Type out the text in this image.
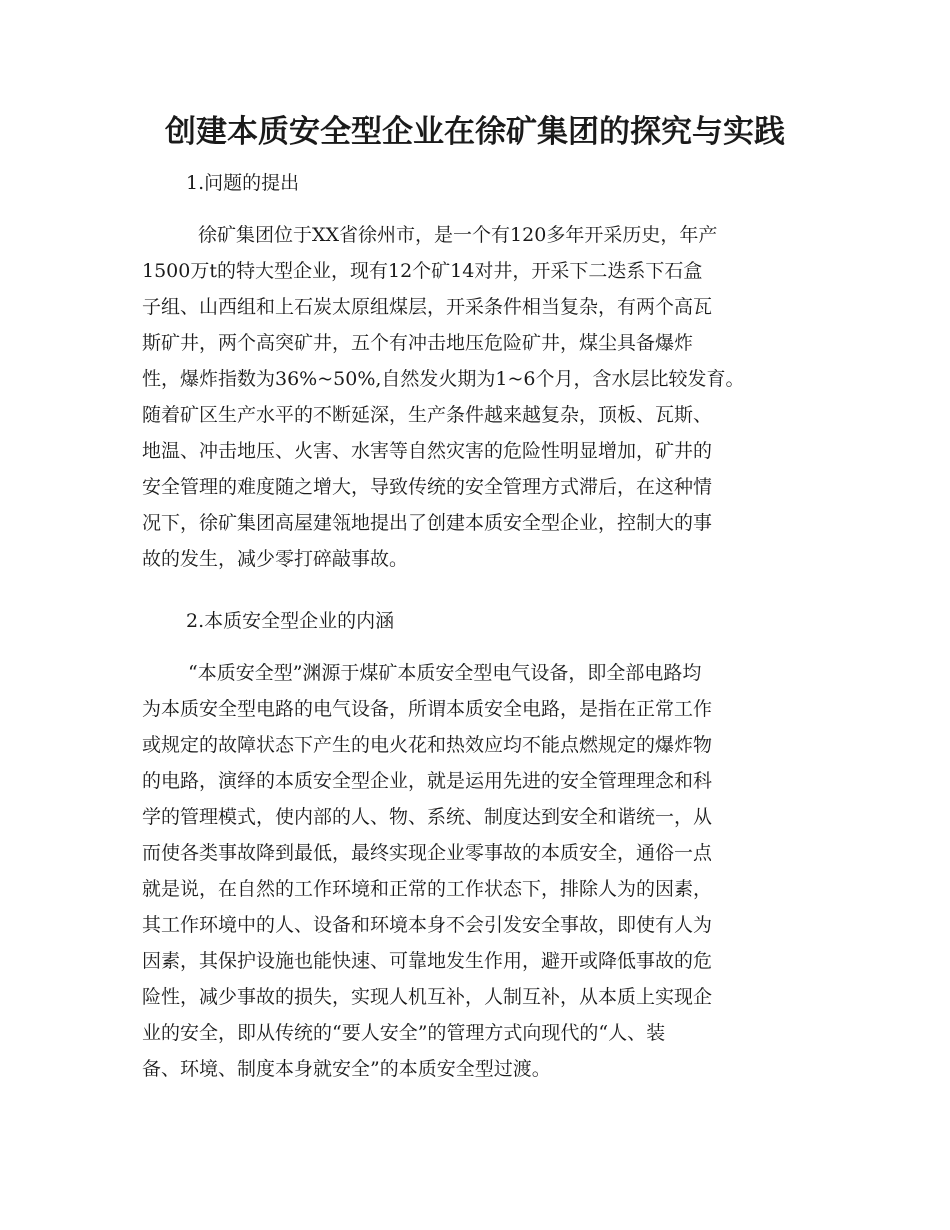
创建本质安全型企业在徐矿集团的探究与实践

1.问题的提出

徐矿集团位于XX省徐州市，是一个有120多年开采历史，年产

1500万t的特大型企业，现有12个矿14对井，开采下二迭系下石盒

子组、山西组和上石炭太原组煤层，开采条件相当复杂，有两个高瓦

斯矿井，两个高突矿井，五个有冲击地压危险矿井，煤尘具备爆炸

性，爆炸指数为36%~50%,自然发火期为1~6个月，含水层比较发育。

随着矿区生产水平的不断延深，生产条件越来越复杂，顶板、瓦斯、

地温、冲击地压、火害、水害等自然灾害的危险性明显增加，矿井的

安全管理的难度随之增大，导致传统的安全管理方式滞后，在这种情

况下，徐矿集团高屋建瓴地提出了创建本质安全型企业，控制大的事

故的发生，减少零打碎敲事故。

2.本质安全型企业的内涵

“本质安全型”渊源于煤矿本质安全型电气设备，即全部电路均

为本质安全型电路的电气设备，所谓本质安全电路，是指在正常工作

或规定的故障状态下产生的电火花和热效应均不能点燃规定的爆炸物

的电路，演绎的本质安全型企业，就是运用先进的安全管理理念和科

学的管理模式，使内部的人、物、系统、制度达到安全和谐统一，从

而使各类事故降到最低，最终实现企业零事故的本质安全，通俗一点

就是说，在自然的工作环境和正常的工作状态下，排除人为的因素，

其工作环境中的人、设备和环境本身不会引发安全事故，即使有人为

因素，其保护设施也能快速、可靠地发生作用，避开或降低事故的危

险性，减少事故的损失，实现人机互补，人制互补，从本质上实现企

业的安全，即从传统的“要人安全”的管理方式向现代的“人、装

备、环境、制度本身就安全”的本质安全型过渡。
